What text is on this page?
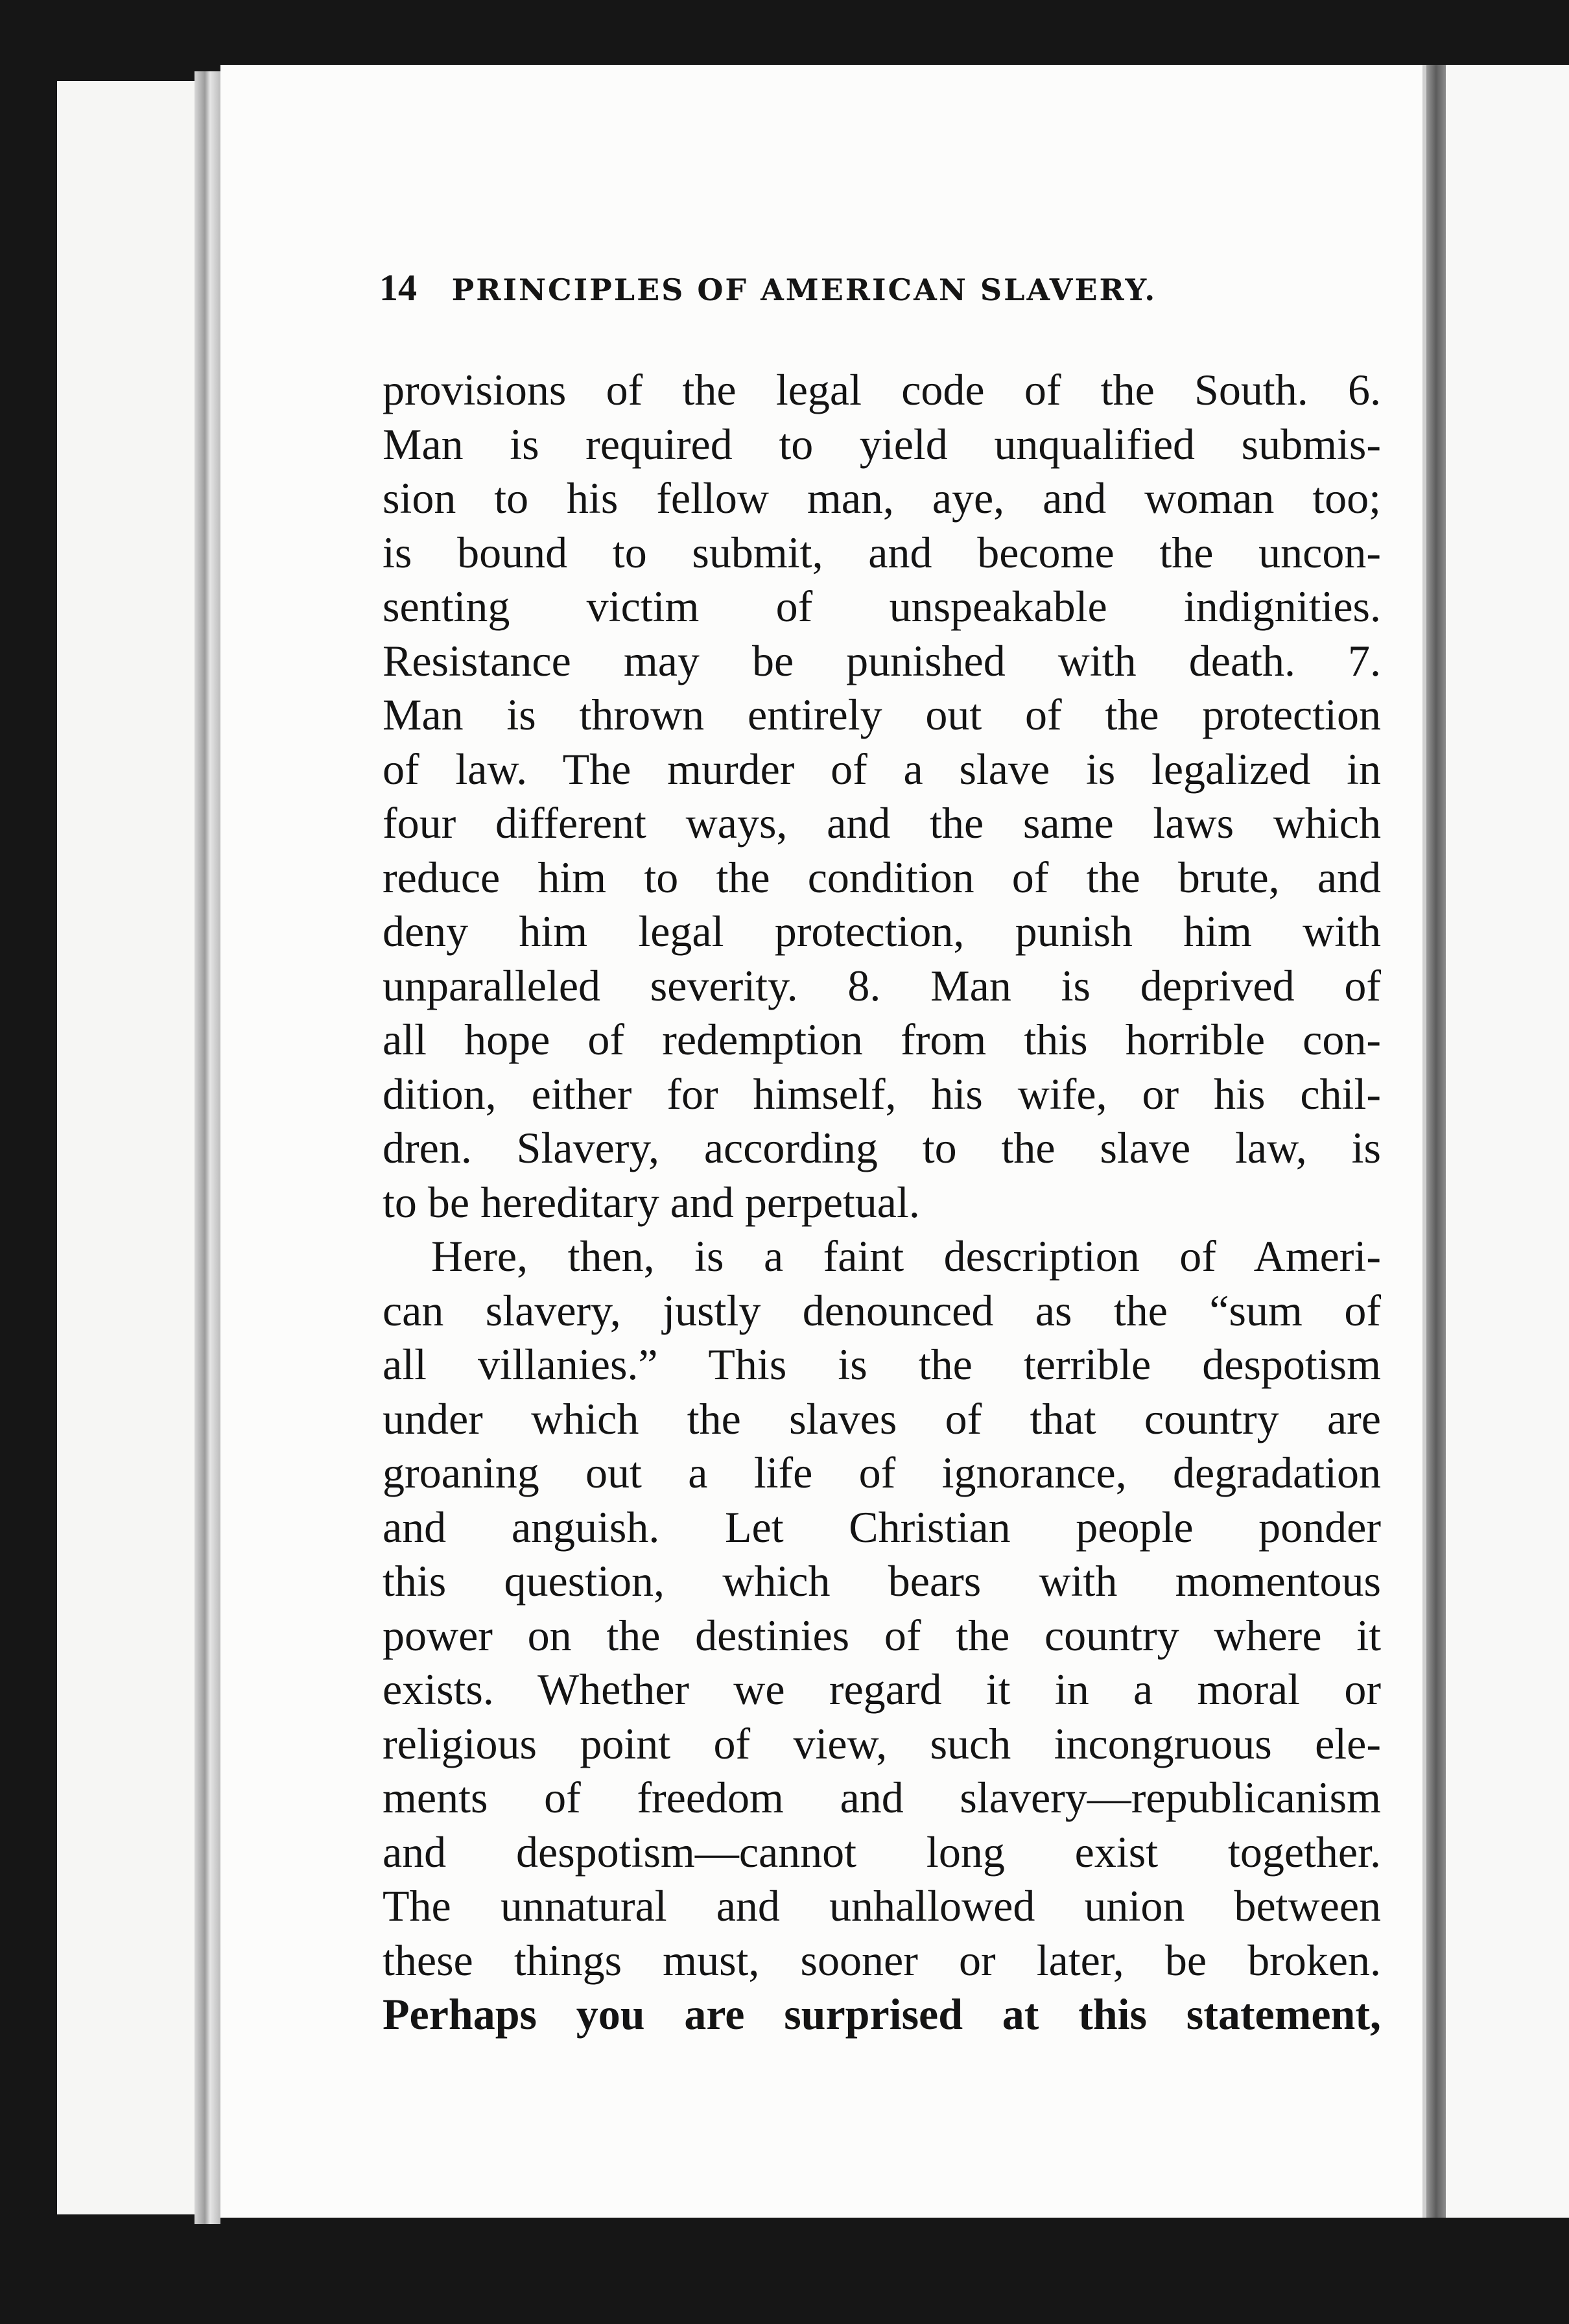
14 PRINCIPLES OF AMERICAN SLAVERY.
provisions of the legal code of the South. 6.
Man is required to yield unqualified submis-
sion to his fellow man, aye, and woman too;
is bound to submit, and become the uncon-
senting victim of unspeakable indignities.
Resistance may be punished with death. 7.
Man is thrown entirely out of the protection
of law. The murder of a slave is legalized in
four different ways, and the same laws which
reduce him to the condition of the brute, and
deny him legal protection, punish him with
unparalleled severity. 8. Man is deprived of
all hope of redemption from this horrible con-
dition, either for himself, his wife, or his chil-
dren. Slavery, according to the slave law, is
to be hereditary and perpetual.
Here, then, is a faint description of Ameri-
can slavery, justly denounced as the “sum of
all villanies.” This is the terrible despotism
under which the slaves of that country are
groaning out a life of ignorance, degradation
and anguish. Let Christian people ponder
this question, which bears with momentous
power on the destinies of the country where it
exists. Whether we regard it in a moral or
religious point of view, such incongruous ele-
ments of freedom and slavery—republicanism
and despotism—cannot long exist together.
The unnatural and unhallowed union between
these things must, sooner or later, be broken.
Perhaps you are surprised at this statement,
